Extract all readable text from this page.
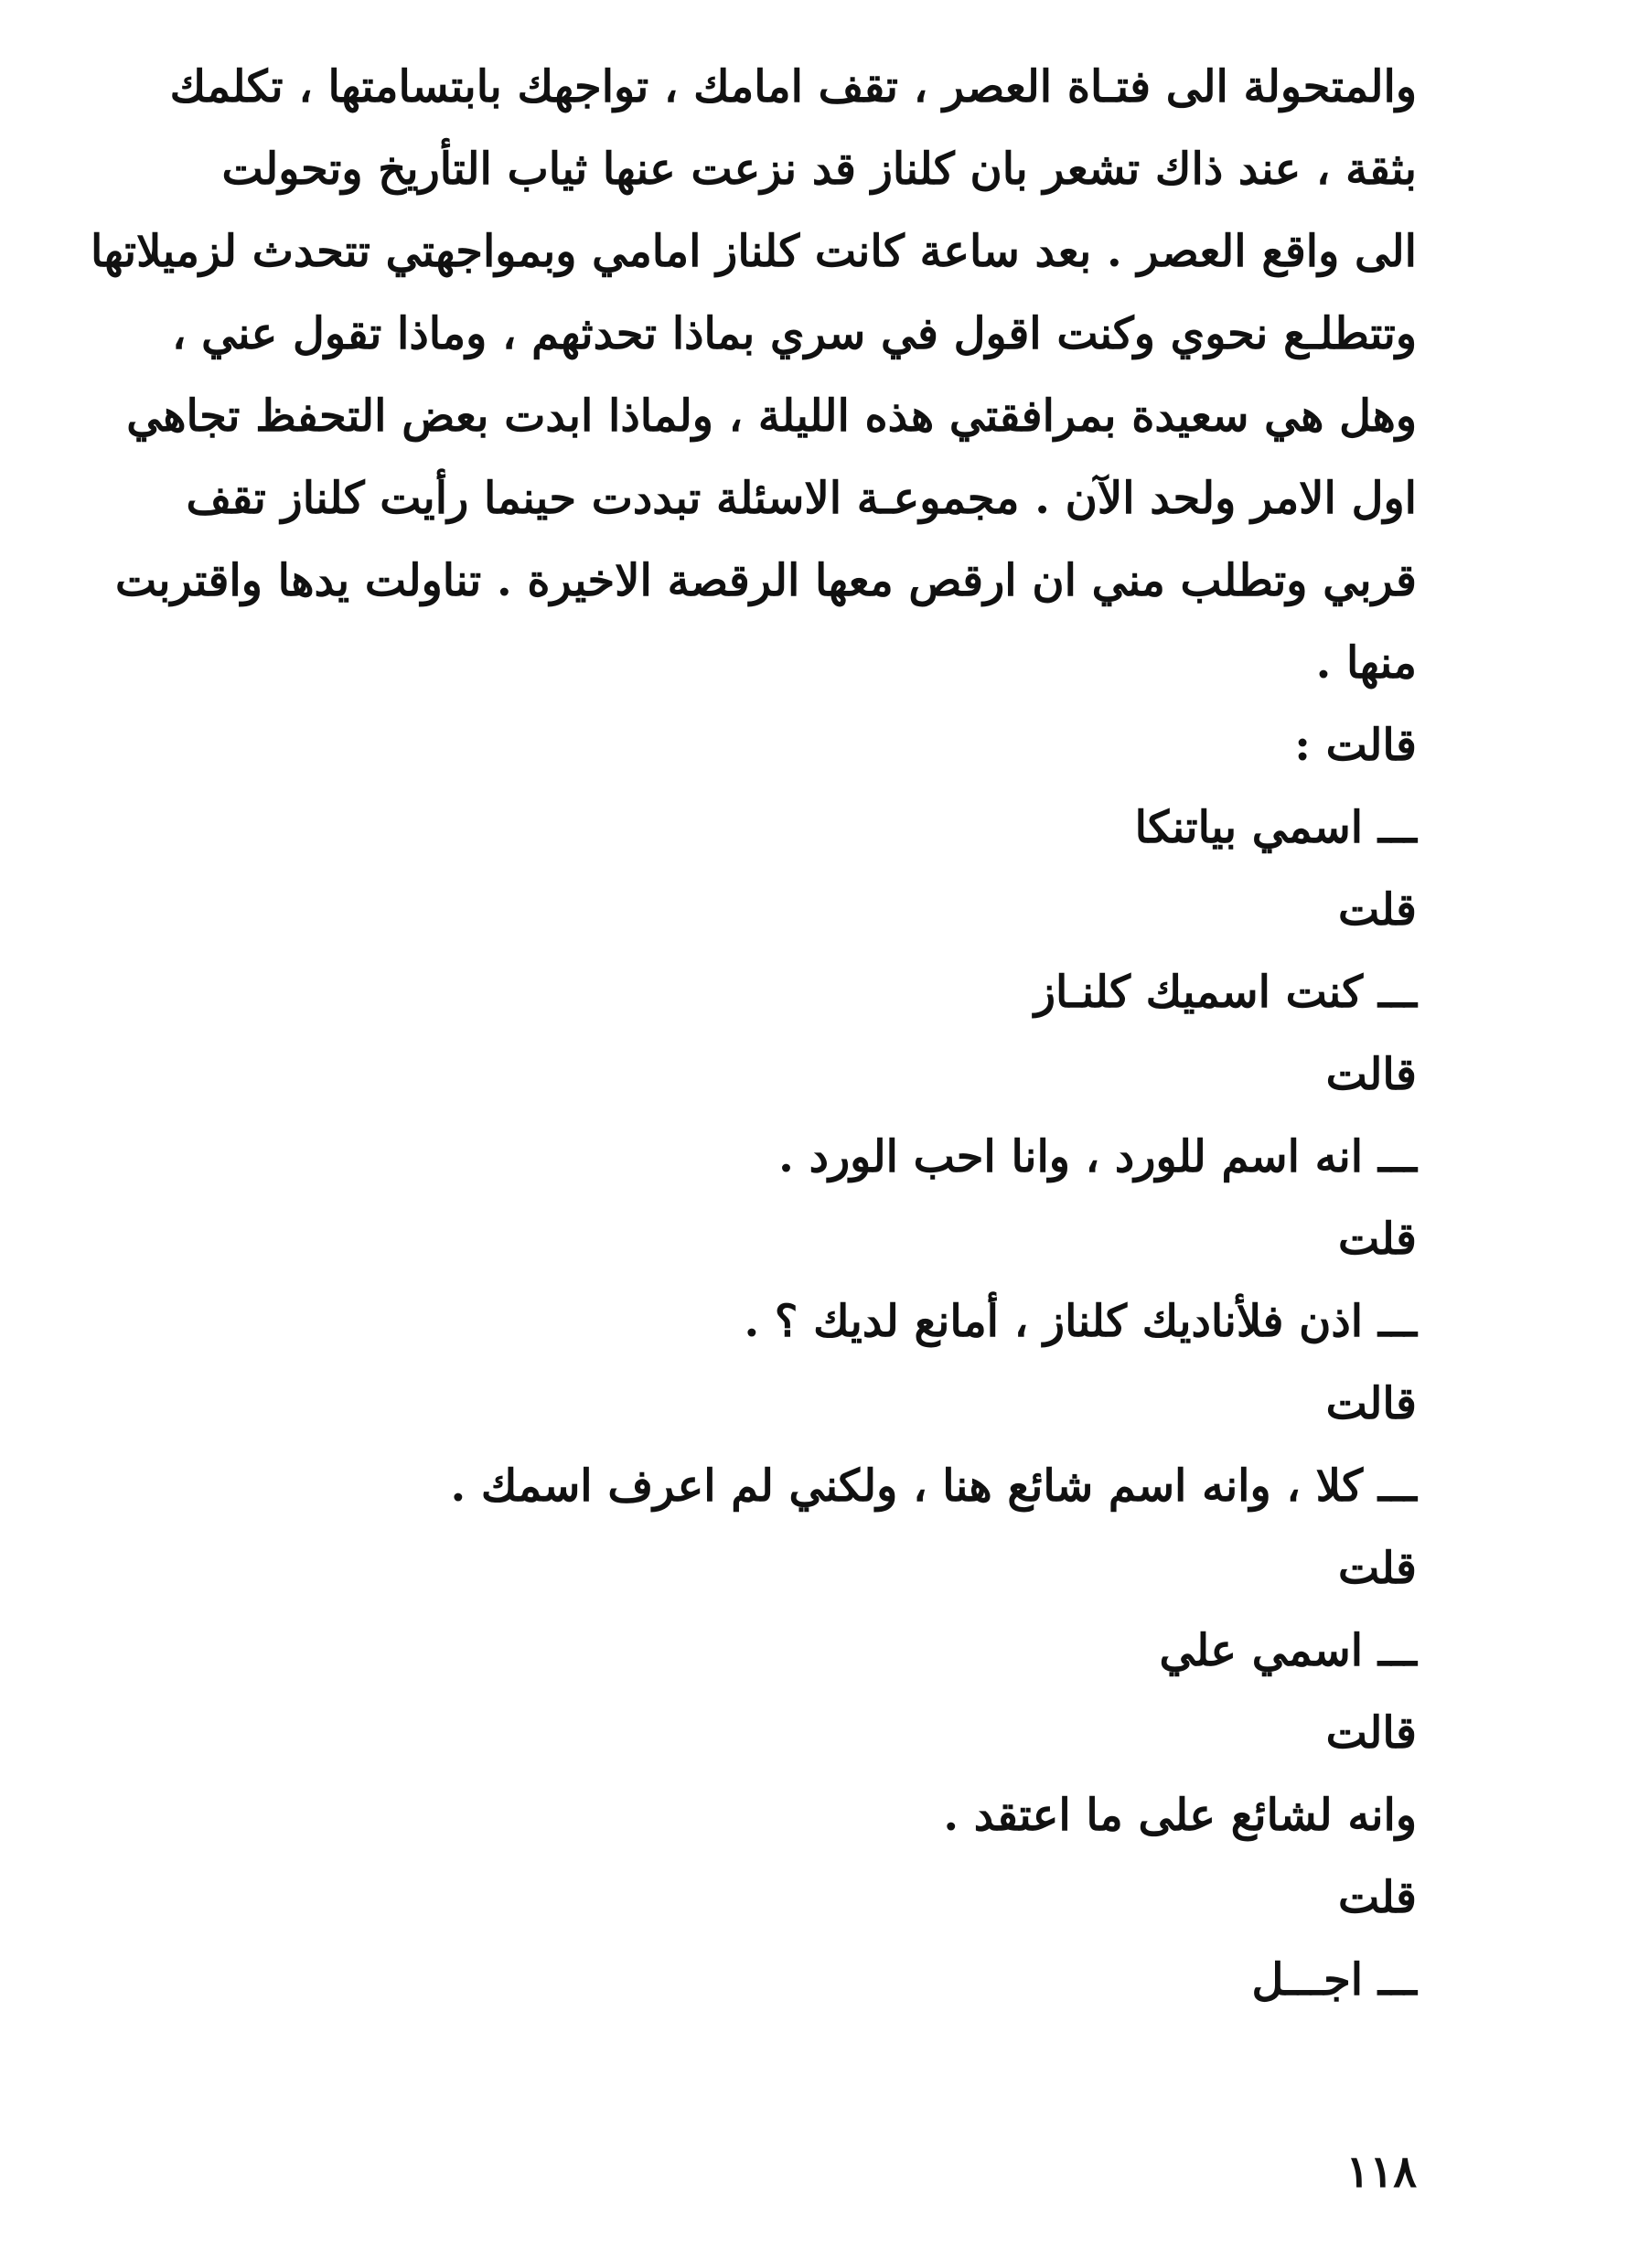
والمتحولة الى فتـاة العصر ، تقف امامك ، تواجهك بابتسامتها ، تكلمك
بثقة ، عند ذاك تشعر بان كلناز قد نزعت عنها ثياب التأريخ وتحولت
الى واقع العصر . بعد ساعة كانت كلناز امامي وبمواجهتي تتحدث لزميلاتها
وتتطلـع نحوي وكنت اقول في سري بماذا تحدثهم ، وماذا تقول عني ،
وهل هي سعيدة بمرافقتي هذه الليلة ، ولماذا ابدت بعض التحفظ تجاهي
اول الامر ولحد الآن . مجموعـة الاسئلة تبددت حينما رأيت كلناز تقف
قربي وتطلب مني ان ارقص معها الرقصة الاخيرة . تناولت يدها واقتربت
منها .
قالت :
ـــ اسمي بياتنكا
قلت
ـــ كنت اسميك كلنـاز
قالت
ـــ انه اسم للورد ، وانا احب الورد .
قلت
ـــ اذن فلأناديك كلناز ، أمانع لديك ؟ .
قالت
ـــ كلا ، وانه اسم شائع هنا ، ولكني لم اعرف اسمك .
قلت
ـــ اسمي علي
قالت
وانه لشائع على ما اعتقد .
قلت
ـــ اجـــل
١١٨
